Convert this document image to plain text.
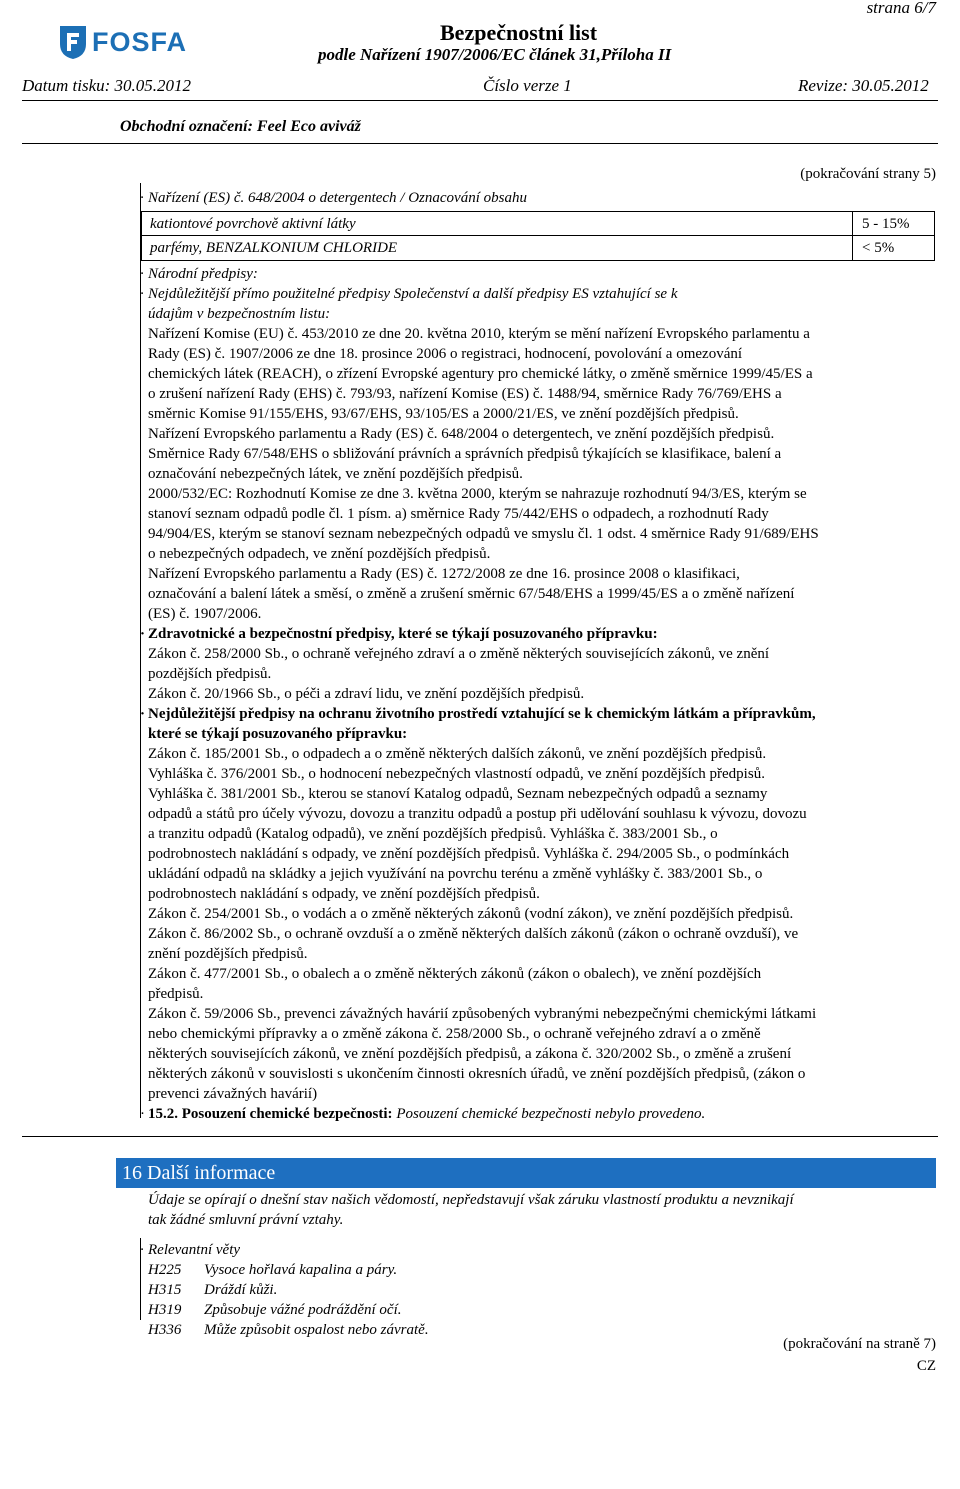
FOSFA
strana 6/7
Bezpečnostní list
podle Nařízení 1907/2006/EC článek 31,Příloha II
Datum tisku: 30.05.2012	Číslo verze 1	Revize: 30.05.2012
Obchodní označení: Feel Eco aviváž
(pokračování strany 5)
· Nařízení (ES) č. 648/2004 o detergentech / Oznacování obsahu
kationtové povrchově aktivní látky	5 - 15%
parfémy, BENZALKONIUM CHLORIDE	< 5%
· Národní předpisy:
· Nejdůležitější přímo použitelné předpisy Společenství a další předpisy ES vztahující se k
údajům v bezpečnostním listu:
Nařízení Komise (EU) č. 453/2010 ze dne 20. května 2010, kterým se mění nařízení Evropského parlamentu a
Rady (ES) č. 1907/2006 ze dne 18. prosince 2006 o registraci, hodnocení, povolování a omezování
chemických látek (REACH), o zřízení Evropské agentury pro chemické látky, o změně směrnice 1999/45/ES a
o zrušení nařízení Rady (EHS) č. 793/93, nařízení Komise (ES) č. 1488/94, směrnice Rady 76/769/EHS a
směrnic Komise 91/155/EHS, 93/67/EHS, 93/105/ES a 2000/21/ES, ve znění pozdějších předpisů.
Nařízení Evropského parlamentu a Rady (ES) č. 648/2004 o detergentech, ve znění pozdějších předpisů.
Směrnice Rady 67/548/EHS o sbližování právních a správních předpisů týkajících se klasifikace, balení a
označování nebezpečných látek, ve znění pozdějších předpisů.
2000/532/EC: Rozhodnutí Komise ze dne 3. května 2000, kterým se nahrazuje rozhodnutí 94/3/ES, kterým se
stanoví seznam odpadů podle čl. 1 písm. a) směrnice Rady 75/442/EHS o odpadech, a rozhodnutí Rady
94/904/ES, kterým se stanoví seznam nebezpečných odpadů ve smyslu čl. 1 odst. 4 směrnice Rady 91/689/EHS
o nebezpečných odpadech, ve znění pozdějších předpisů.
Nařízení Evropského parlamentu a Rady (ES) č. 1272/2008 ze dne 16. prosince 2008 o klasifikaci,
označování a balení látek a směsí, o změně a zrušení směrnic 67/548/EHS a 1999/45/ES a o změně nařízení
(ES) č. 1907/2006.
· Zdravotnické a bezpečnostní předpisy, které se týkají posuzovaného přípravku:
Zákon č. 258/2000 Sb., o ochraně veřejného zdraví a o změně některých souvisejících zákonů, ve znění
pozdějších předpisů.
Zákon č. 20/1966 Sb., o péči a zdraví lidu, ve znění pozdějších předpisů.
· Nejdůležitější předpisy na ochranu životního prostředí vztahující se k chemickým látkám a přípravkům,
které se týkají posuzovaného přípravku:
Zákon č. 185/2001 Sb., o odpadech a o změně některých dalších zákonů, ve znění pozdějších předpisů.
Vyhláška č. 376/2001 Sb., o hodnocení nebezpečných vlastností odpadů, ve znění pozdějších předpisů.
Vyhláška č. 381/2001 Sb., kterou se stanoví Katalog odpadů, Seznam nebezpečných odpadů a seznamy
odpadů a států pro účely vývozu, dovozu a tranzitu odpadů a postup při udělování souhlasu k vývozu, dovozu
a tranzitu odpadů (Katalog odpadů), ve znění pozdějších předpisů. Vyhláška č. 383/2001 Sb., o
podrobnostech nakládání s odpady, ve znění pozdějších předpisů. Vyhláška č. 294/2005 Sb., o podmínkách
ukládání odpadů na skládky a jejich využívání na povrchu terénu a změně vyhlášky č. 383/2001 Sb., o
podrobnostech nakládání s odpady, ve znění pozdějších předpisů.
Zákon č. 254/2001 Sb., o vodách a o změně některých zákonů (vodní zákon), ve znění pozdějších předpisů.
Zákon č. 86/2002 Sb., o ochraně ovzduší a o změně některých dalších zákonů (zákon o ochraně ovzduší), ve
znění pozdějších předpisů.
Zákon č. 477/2001 Sb., o obalech a o změně některých zákonů (zákon o obalech), ve znění pozdějších
předpisů.
Zákon č. 59/2006 Sb., prevenci závažných havárií způsobených vybranými nebezpečnými chemickými látkami
nebo chemickými přípravky a o změně zákona č. 258/2000 Sb., o ochraně veřejného zdraví a o změně
některých souvisejících zákonů, ve znění pozdějších předpisů, a zákona č. 320/2002 Sb., o změně a zrušení
některých zákonů v souvislosti s ukončením činnosti okresních úřadů, ve znění pozdějších předpisů, (zákon o
prevenci závažných havárií)
· 15.2. Posouzení chemické bezpečnosti: Posouzení chemické bezpečnosti nebylo provedeno.
16 Další informace
Údaje se opírají o dnešní stav našich vědomostí, nepředstavují však záruku vlastností produktu a nevznikají
tak žádné smluvní právní vztahy.
· Relevantní věty
H225	Vysoce hořlavá kapalina a páry.
H315	Dráždí kůži.
H319	Způsobuje vážné podráždění očí.
H336	Může způsobit ospalost nebo závratě.
(pokračování na straně 7)
CZ
